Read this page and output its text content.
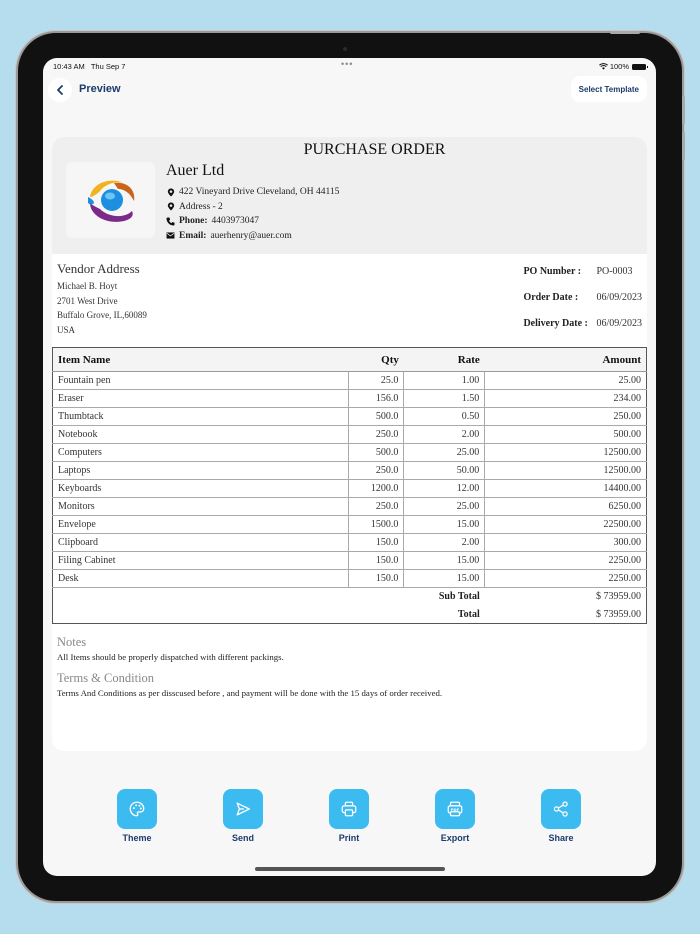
10:43 AM Thu Sep 7	•••	100%
Preview	Select Template
PURCHASE ORDER
Auer Ltd
422 Vineyard Drive Cleveland, OH 44115
Address - 2
Phone: 4403973047
Email: auerhenry@auer.com
Vendor Address
Michael B. Hoyt
2701 West Drive
Buffalo Grove, IL,60089
USA
PO Number :	PO-0003
Order Date :	06/09/2023
Delivery Date : 06/09/2023
Item Name	Qty	Rate	Amount
Fountain pen	25.0	1.00	25.00
Eraser	156.0	1.50	234.00
Thumbtack	500.0	0.50	250.00
Notebook	250.0	2.00	500.00
Computers	500.0	25.00	12500.00
Laptops	250.0	50.00	12500.00
Keyboards	1200.0	12.00	14400.00
Monitors	250.0	25.00	6250.00
Envelope	1500.0	15.00	22500.00
Clipboard	150.0	2.00	300.00
Filing Cabinet	150.0	15.00	2250.00
Desk	150.0	15.00	2250.00
		Sub Total	$ 73959.00
		Total	$ 73959.00
Notes
All Items should be properly dispatched with different packings.
Terms & Condition
Terms And Conditions as per disscused before , and payment will be done with the 15 days of order received.
Theme	Send	Print
PDF
Export	Share
